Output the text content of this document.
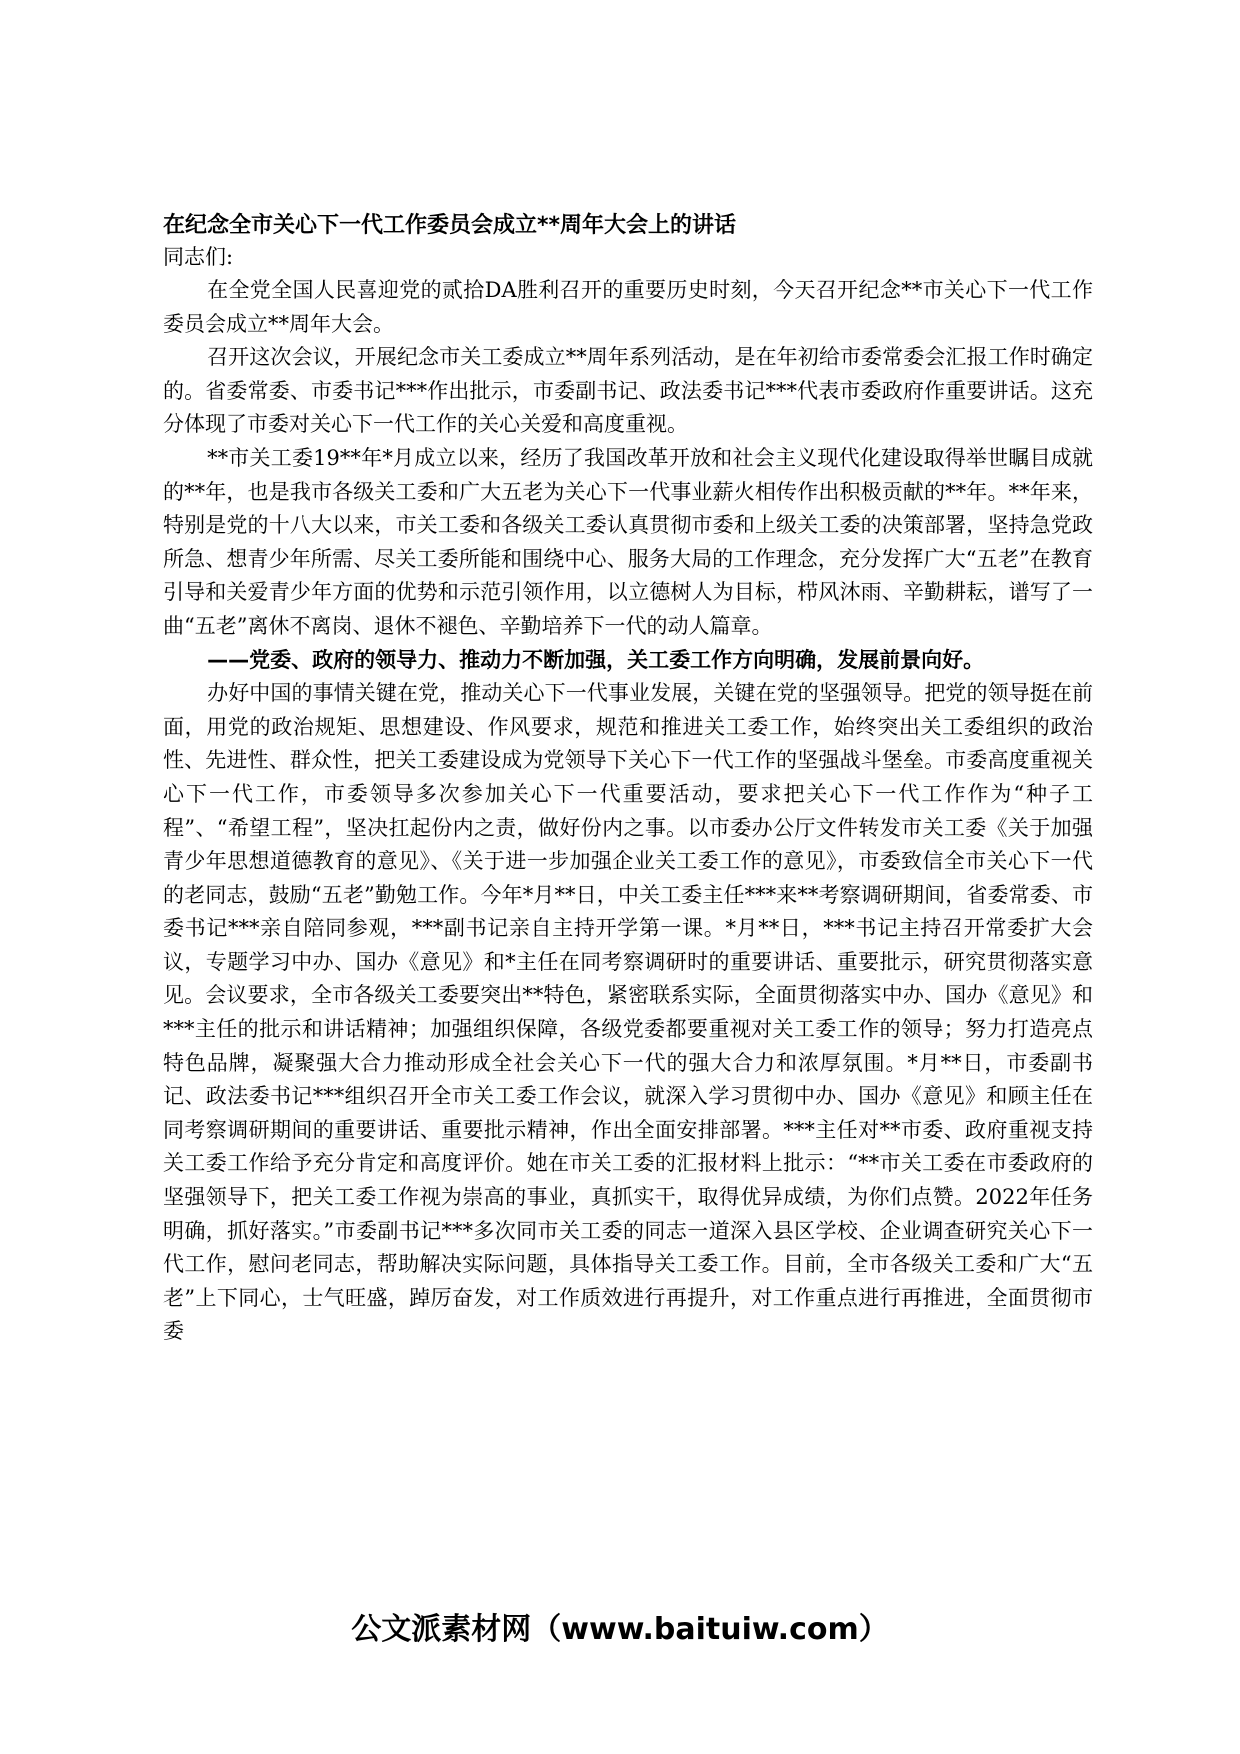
在纪念全市关心下一代工作委员会成立**周年大会上的讲话

同志们:

在全党全国人民喜迎党的贰拾DA胜利召开的重要历史时刻，今天召开纪念**市关心下一代工作委员会成立**周年大会。

召开这次会议，开展纪念市关工委成立**周年系列活动，是在年初给市委常委会汇报工作时确定的。省委常委、市委书记***作出批示，市委副书记、政法委书记***代表市委政府作重要讲话。这充分体现了市委对关心下一代工作的关心关爱和高度重视。

**市关工委19**年*月成立以来，经历了我国改革开放和社会主义现代化建设取得举世瞩目成就的**年，也是我市各级关工委和广大五老为关心下一代事业薪火相传作出积极贡献的**年。**年来，特别是党的十八大以来，市关工委和各级关工委认真贯彻市委和上级关工委的决策部署，坚持急党政所急、想青少年所需、尽关工委所能和围绕中心、服务大局的工作理念，充分发挥广大“五老”在教育引导和关爱青少年方面的优势和示范引领作用，以立德树人为目标，栉风沐雨、辛勤耕耘，谱写了一曲“五老”离休不离岗、退休不褪色、辛勤培养下一代的动人篇章。

——党委、政府的领导力、推动力不断加强，关工委工作方向明确，发展前景向好。

办好中国的事情关键在党，推动关心下一代事业发展，关键在党的坚强领导。把党的领导挺在前面，用党的政治规矩、思想建设、作风要求，规范和推进关工委工作，始终突出关工委组织的政治性、先进性、群众性，把关工委建设成为党领导下关心下一代工作的坚强战斗堡垒。市委高度重视关心下一代工作，市委领导多次参加关心下一代重要活动，要求把关心下一代工作作为“种子工程”、“希望工程”，坚决扛起份内之责，做好份内之事。以市委办公厅文件转发市关工委《关于加强青少年思想道德教育的意见》、《关于进一步加强企业关工委工作的意见》，市委致信全市关心下一代的老同志，鼓励“五老”勤勉工作。今年*月**日，中关工委主任***来**考察调研期间，省委常委、市委书记***亲自陪同参观，***副书记亲自主持开学第一课。*月**日，***书记主持召开常委扩大会议，专题学习中办、国办《意见》和*主任在同考察调研时的重要讲话、重要批示，研究贯彻落实意见。会议要求，全市各级关工委要突出**特色，紧密联系实际，全面贯彻落实中办、国办《意见》和***主任的批示和讲话精神；加强组织保障，各级党委都要重视对关工委工作的领导；努力打造亮点特色品牌，凝聚强大合力推动形成全社会关心下一代的强大合力和浓厚氛围。*月**日，市委副书记、政法委书记***组织召开全市关工委工作会议，就深入学习贯彻中办、国办《意见》和顾主任在同考察调研期间的重要讲话、重要批示精神，作出全面安排部署。***主任对**市委、政府重视支持关工委工作给予充分肯定和高度评价。她在市关工委的汇报材料上批示：“**市关工委在市委政府的坚强领导下，把关工委工作视为崇高的事业，真抓实干，取得优异成绩，为你们点赞。2022年任务明确，抓好落实。”市委副书记***多次同市关工委的同志一道深入县区学校、企业调查研究关心下一代工作，慰问老同志，帮助解决实际问题，具体指导关工委工作。目前，全市各级关工委和广大“五老”上下同心，士气旺盛，踔厉奋发，对工作质效进行再提升，对工作重点进行再推进，全面贯彻市委

公文派素材网（www.baituiw.com）
